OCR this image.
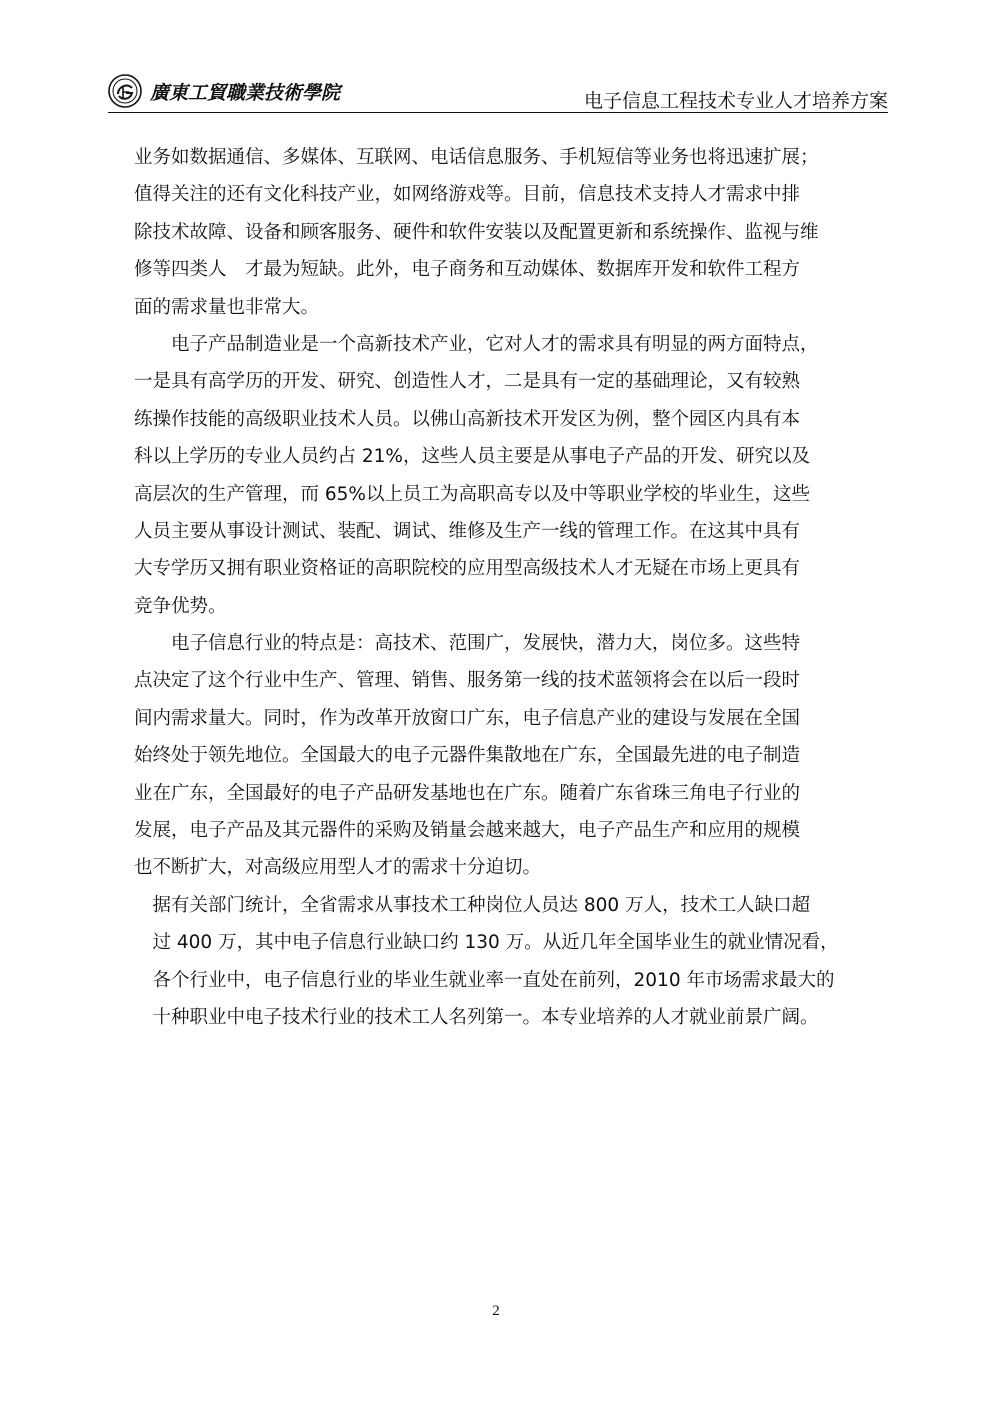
廣東工貿職業技術學院	电子信息工程技术专业人才培养方案
业务如数据通信、多媒体、互联网、电话信息服务、手机短信等业务也将迅速扩展；
值得关注的还有文化科技产业，如网络游戏等。目前，信息技术支持人才需求中排
除技术故障、设备和顾客服务、硬件和软件安装以及配置更新和系统操作、监视与维
修等四类人　才最为短缺。此外，电子商务和互动媒体、数据库开发和软件工程方
面的需求量也非常大。
　　电子产品制造业是一个高新技术产业，它对人才的需求具有明显的两方面特点，
一是具有高学历的开发、研究、创造性人才，二是具有一定的基础理论，又有较熟
练操作技能的高级职业技术人员。以佛山高新技术开发区为例，整个园区内具有本
科以上学历的专业人员约占 21%，这些人员主要是从事电子产品的开发、研究以及
高层次的生产管理，而 65%以上员工为高职高专以及中等职业学校的毕业生，这些
人员主要从事设计测试、装配、调试、维修及生产一线的管理工作。在这其中具有
大专学历又拥有职业资格证的高职院校的应用型高级技术人才无疑在市场上更具有
竞争优势。
　　电子信息行业的特点是：高技术、范围广，发展快，潜力大，岗位多。这些特
点决定了这个行业中生产、管理、销售、服务第一线的技术蓝领将会在以后一段时
间内需求量大。同时，作为改革开放窗口广东，电子信息产业的建设与发展在全国
始终处于领先地位。全国最大的电子元器件集散地在广东，全国最先进的电子制造
业在广东，全国最好的电子产品研发基地也在广东。随着广东省珠三角电子行业的
发展，电子产品及其元器件的采购及销量会越来越大，电子产品生产和应用的规模
也不断扩大，对高级应用型人才的需求十分迫切。
　据有关部门统计，全省需求从事技术工种岗位人员达 800 万人，技术工人缺口超
　过 400 万，其中电子信息行业缺口约 130 万。从近几年全国毕业生的就业情况看，
　各个行业中，电子信息行业的毕业生就业率一直处在前列，2010 年市场需求最大的
　十种职业中电子技术行业的技术工人名列第一。本专业培养的人才就业前景广阔。
2
